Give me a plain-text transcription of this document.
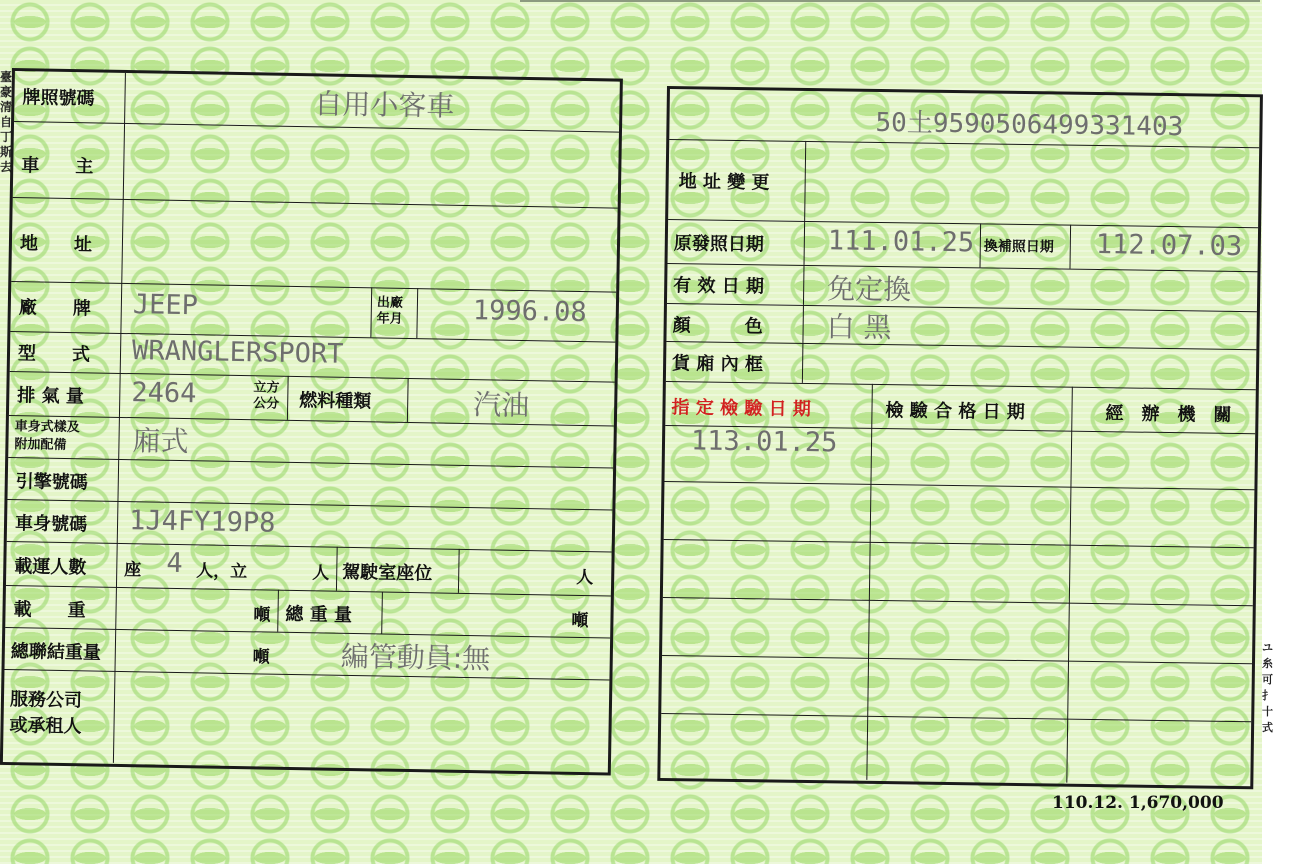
臺豪清自丁斯去
ユ糸可扌十式
牌照號碼	自用小客車
車　　主
地　　址
廠　　牌 JEEP	出廠
年月	1996.08
型　　式 WRANGLERSPORT
排 氣 量 2464	立方
公分 燃料種類	汽油
車身式樣及
附加配備 廂式
引擎號碼
車身號碼 1J4FY19P8
載運人數 座 4 人，立	人 駕駛室座位	人
載　　重	噸 總 重 量	噸
總聯結重量	噸	編管動員:無
服務公司
或承租人
50土9590506499331403
地 址 變 更
原發照日期 111.01.25 換補照日期 112.07.03
有 效 日 期 免定換
顏　　　色 白 黑
貨 廂 內 框
指 定 檢 驗 日 期	檢 驗 合 格 日 期	經　辦　機　關
113.01.25
110.12. 1,670,000
